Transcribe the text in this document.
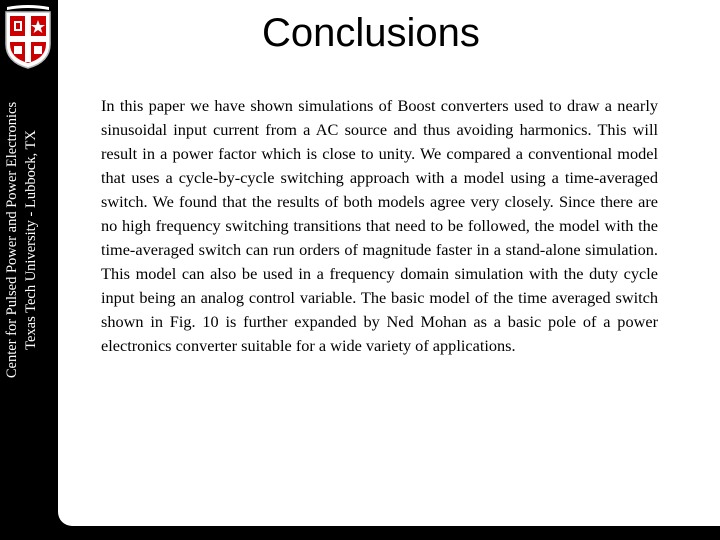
Center for Pulsed Power and Power Electronics Texas Tech University - Lubbock, TX
Conclusions

In this paper we have shown simulations of Boost converters used to draw a nearly sinusoidal input current from a AC source and thus avoiding harmonics. This will result in a power factor which is close to unity. We compared a conventional model that uses a cycle-by-cycle switching approach with a model using a time-averaged switch. We found that the results of both models agree very closely. Since there are no high frequency switching transitions that need to be followed, the model with the time-averaged switch can run orders of magnitude faster in a stand-alone simulation. This model can also be used in a frequency domain simulation with the duty cycle input being an analog control variable. The basic model of the time averaged switch shown in Fig. 10 is further expanded by Ned Mohan as a basic pole of a power electronics converter suitable for a wide variety of applications.
